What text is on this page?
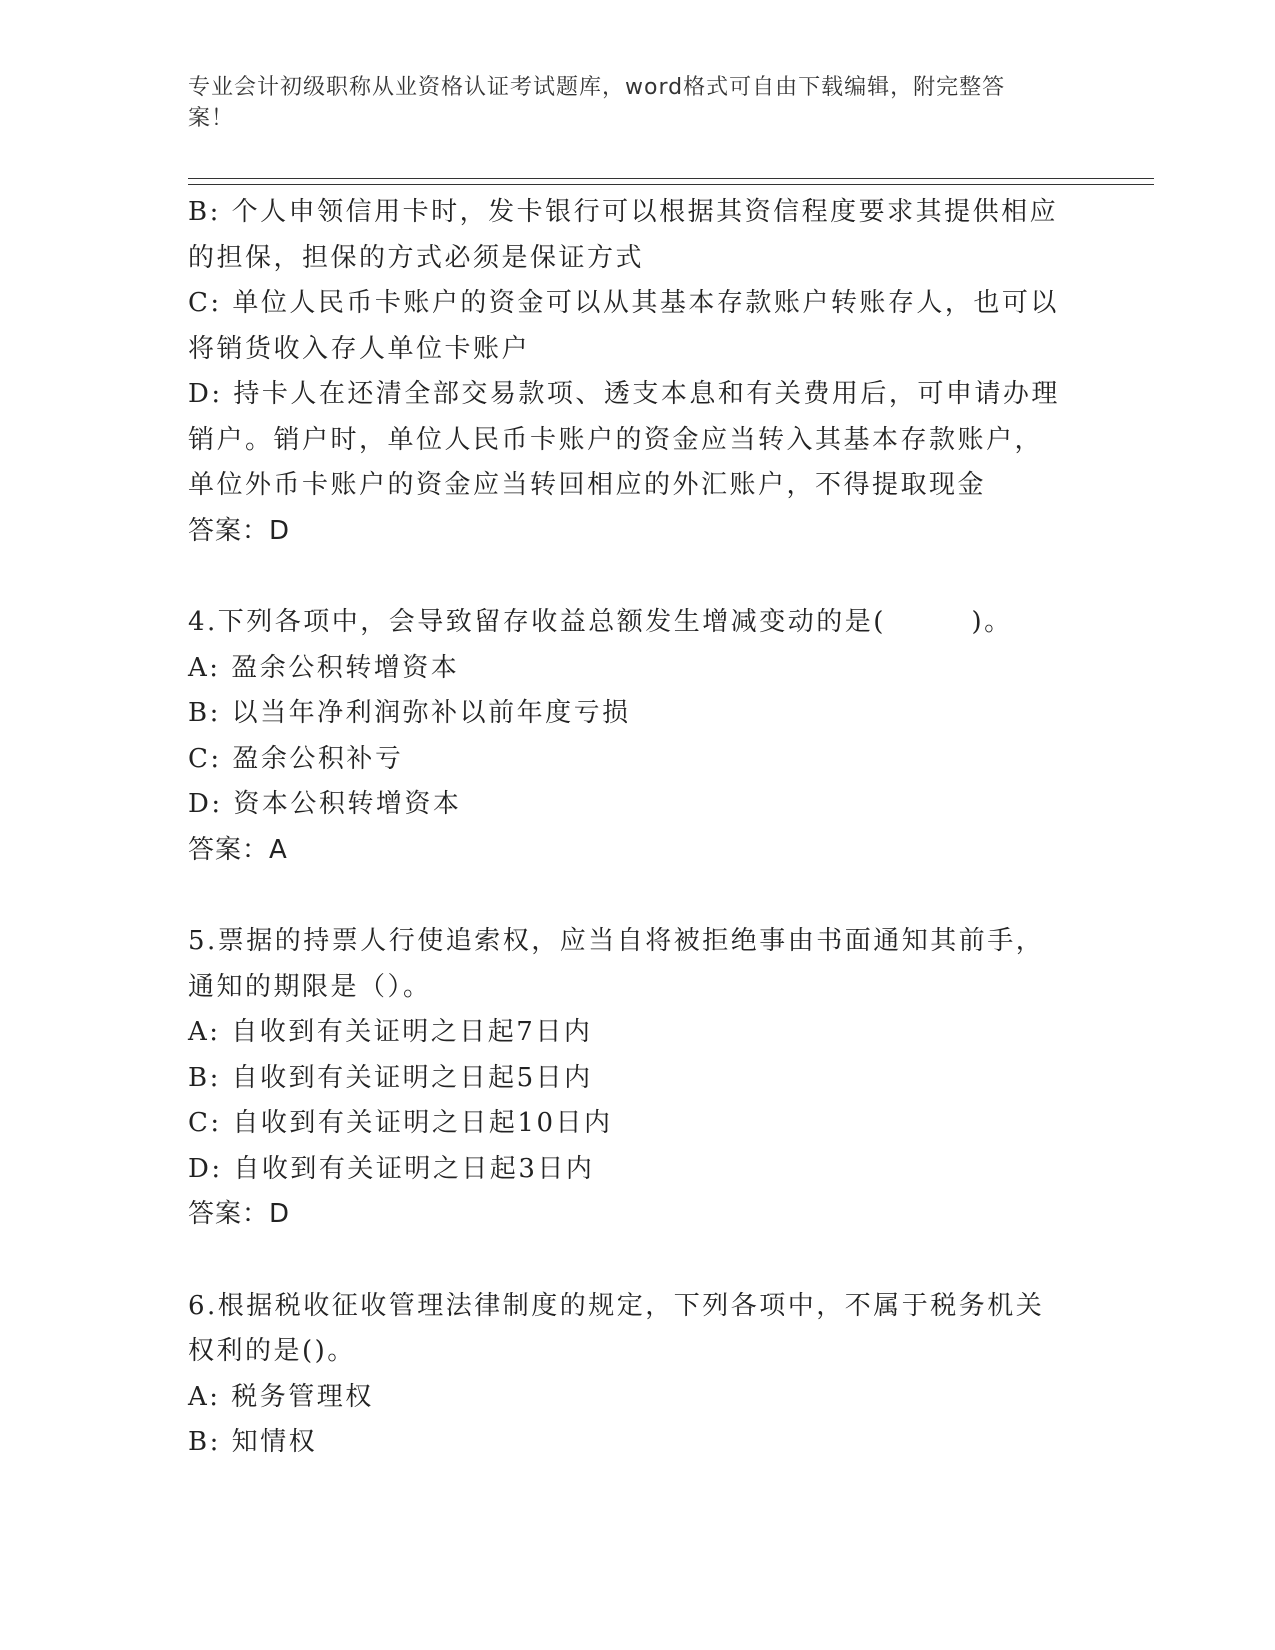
专业会计初级职称从业资格认证考试题库，word格式可自由下载编辑，附完整答
案！
B: 个人申领信用卡时，发卡银行可以根据其资信程度要求其提供相应
的担保，担保的方式必须是保证方式
C: 单位人民币卡账户的资金可以从其基本存款账户转账存人，也可以
将销货收入存人单位卡账户
D: 持卡人在还清全部交易款项、透支本息和有关费用后，可申请办理
销户。销户时，单位人民币卡账户的资金应当转入其基本存款账户，
单位外币卡账户的资金应当转回相应的外汇账户，不得提取现金
答案：D
4.下列各项中，会导致留存收益总额发生增减变动的是(　　　)。
A: 盈余公积转增资本
B: 以当年净利润弥补以前年度亏损
C: 盈余公积补亏
D: 资本公积转增资本
答案：A
5.票据的持票人行使追索权，应当自将被拒绝事由书面通知其前手，
通知的期限是（）。
A: 自收到有关证明之日起7日内
B: 自收到有关证明之日起5日内
C: 自收到有关证明之日起10日内
D: 自收到有关证明之日起3日内
答案：D
6.根据税收征收管理法律制度的规定，下列各项中，不属于税务机关
权利的是()。
A: 税务管理权
B: 知情权
